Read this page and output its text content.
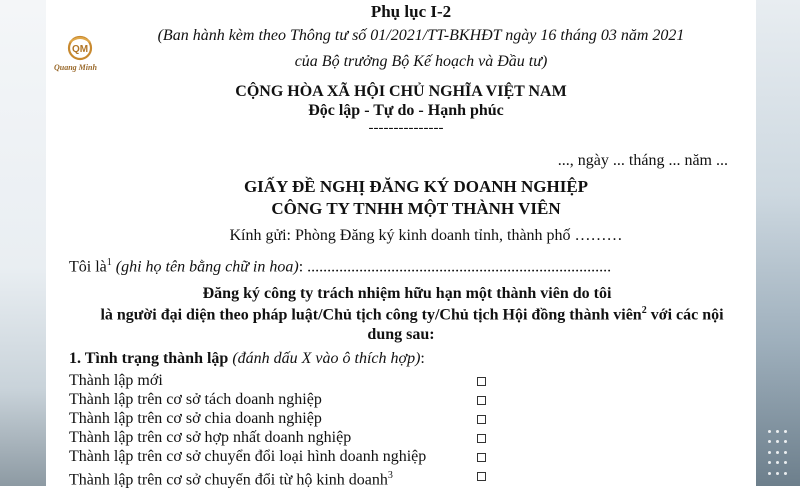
QM
Quang Minh
Phụ lục I-2
(Ban hành kèm theo Thông tư số 01/2021/TT-BKHĐT ngày 16 tháng 03 năm 2021
của Bộ trưởng Bộ Kế hoạch và Đầu tư)
CỘNG HÒA XÃ HỘI CHỦ NGHĨA VIỆT NAM
Độc lập - Tự do - Hạnh phúc
---------------
..., ngày ... tháng ... năm ...
GIẤY ĐỀ NGHỊ ĐĂNG KÝ DOANH NGHIỆP
CÔNG TY TNHH MỘT THÀNH VIÊN
Kính gửi: Phòng Đăng ký kinh doanh tỉnh, thành phố ………
Tôi $là^1$ (ghi họ tên bằng chữ in hoa): ............................................................................
Đăng ký công ty trách nhiệm hữu hạn một thành viên do tôi
là người đại diện theo pháp luật/Chủ tịch công ty/Chủ tịch Hội đồng thành viên$^2$ với các nội
dung sau:
1. Tình trạng thành lập (đánh dấu X vào ô thích hợp):
Thành lập mới
Thành lập trên cơ sở tách doanh nghiệp
Thành lập trên cơ sở chia doanh nghiệp
Thành lập trên cơ sở hợp nhất doanh nghiệp
Thành lập trên cơ sở chuyển đổi loại hình doanh nghiệp
Thành lập trên cơ sở chuyển đổi từ hộ kinh doanh$^3$
